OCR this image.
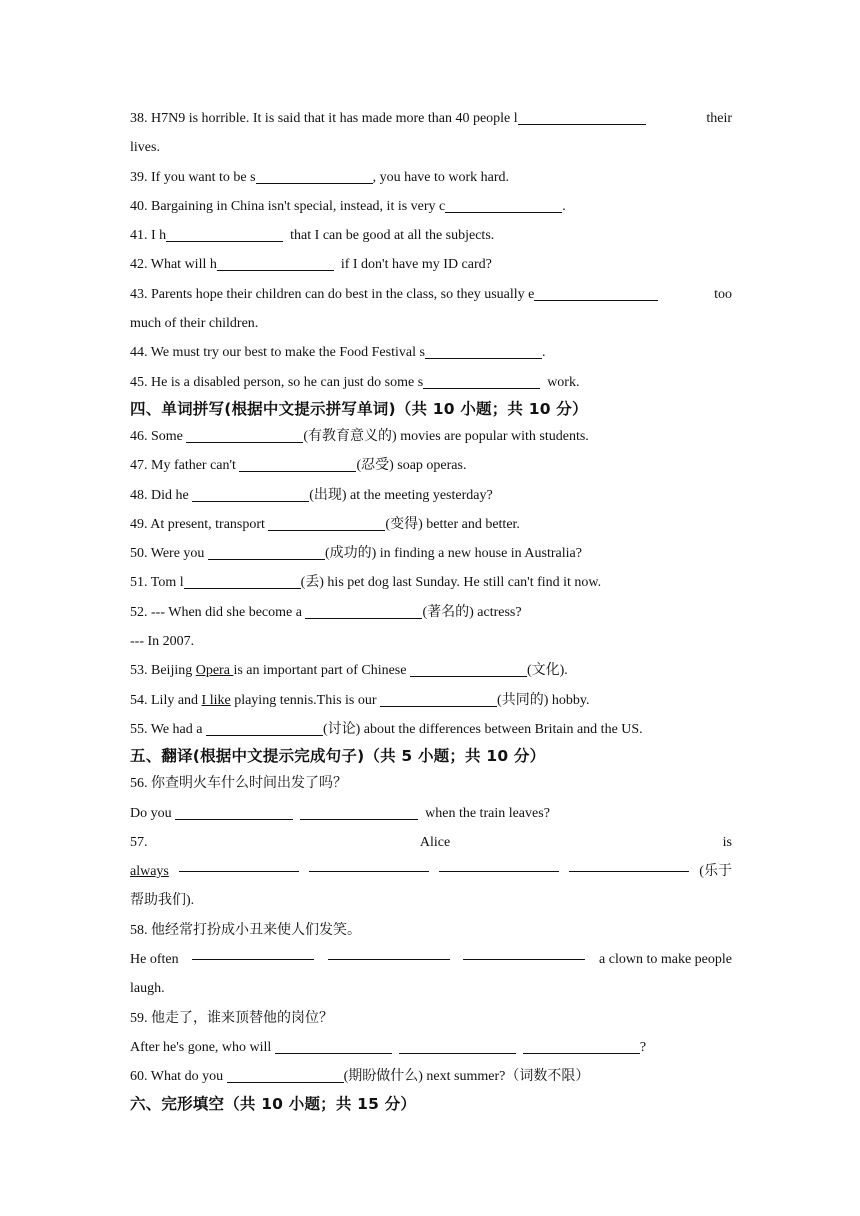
38. H7N9 is horrible. It is said that it has made more than 40 people l	their
lives.
39. If you want to be s	, you have to work hard.
40. Bargaining in China isn't special, instead, it is very c	.
41. I h	that I can be good at all the subjects.
42. What will h	if I don't have my ID card?
43. Parents hope their children can do best in the class, so they usually e	too
much of their children.
44. We must try our best to make the Food Festival s	.
45. He is a disabled person, so he can just do some s	work.
四、单词拼写(根据中文提示拼写单词)（共 10 小题；共 10 分）
46. Some	(有教育意义的) movies are popular with students.
47. My father can't	(忍受) soap operas.
48. Did he	(出现) at the meeting yesterday?
49. At present, transport	(变得) better and better.
50. Were you	(成功的) in finding a new house in Australia?
51. Tom l	(丢) his pet dog last Sunday. He still can't find it now.
52. --- When did she become a	(著名的) actress?
--- In 2007.
53. Beijing Opera is an important part of Chinese	(文化).
54. Lily and I like playing tennis.This is our	(共同的) hobby.
55. We had a	(讨论) about the differences between Britain and the US.
五、翻译(根据中文提示完成句子)（共 5 小题；共 10 分）
56. 你查明火车什么时间出发了吗？
Do you	when the train leaves?
57.	Alice	is
always	(乐于
帮助我们).
58. 他经常打扮成小丑来使人们发笑。
He often	a clown to make people
laugh.
59. 他走了，谁来顶替他的岗位？
After he's gone, who will	?
60. What do you	(期盼做什么) next summer?（词数不限）
六、完形填空（共 10 小题；共 15 分）
